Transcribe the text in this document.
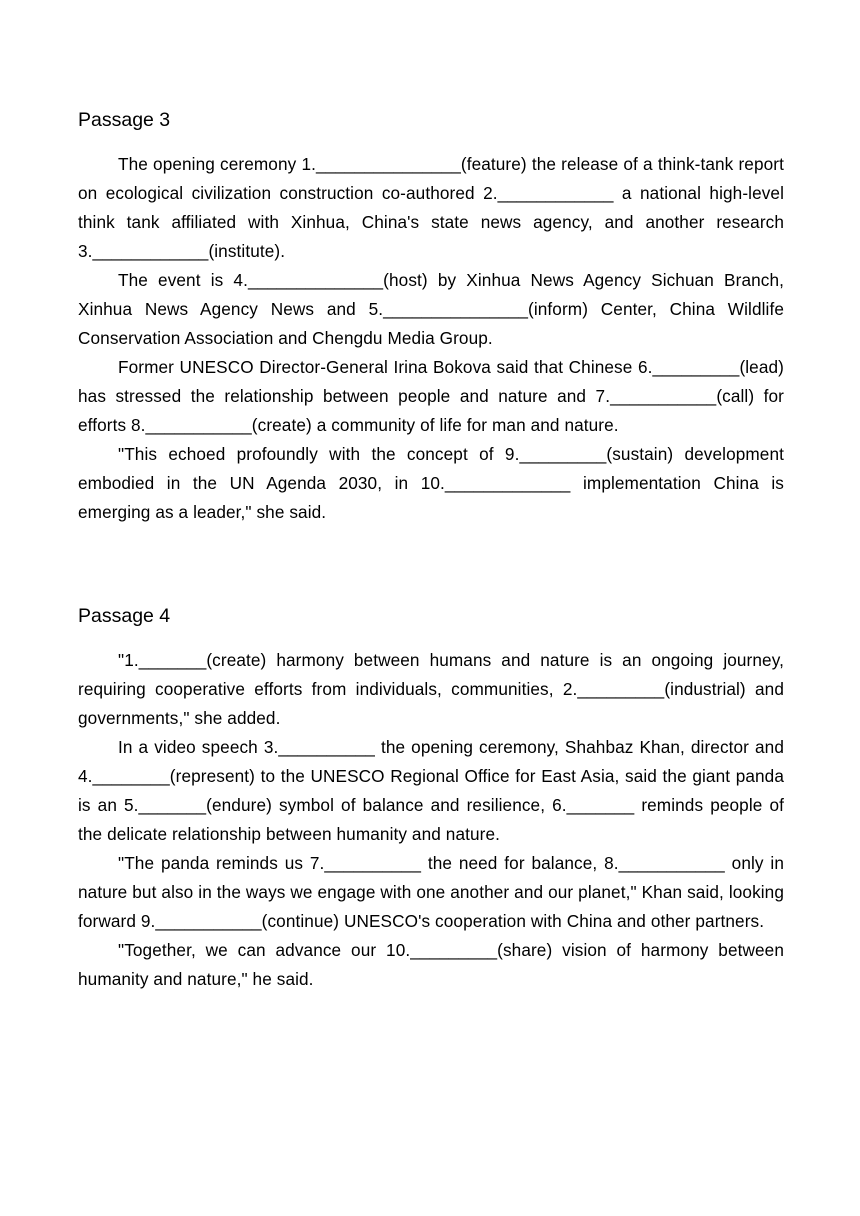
Passage 3

The opening ceremony 1._______________(feature) the release of a think-tank report on ecological civilization construction co-authored 2.____________ a national high-level think tank affiliated with Xinhua, China's state news agency, and another research 3.____________(institute).

The event is 4.______________(host) by Xinhua News Agency Sichuan Branch, Xinhua News Agency News and 5._______________(inform) Center, China Wildlife Conservation Association and Chengdu Media Group.

Former UNESCO Director-General Irina Bokova said that Chinese 6._________(lead) has stressed the relationship between people and nature and 7.___________(call) for efforts 8.___________(create) a community of life for man and nature.

"This echoed profoundly with the concept of 9._________(sustain) development embodied in the UN Agenda 2030, in 10._____________ implementation China is emerging as a leader," she said.

Passage 4

"1._______(create) harmony between humans and nature is an ongoing journey, requiring cooperative efforts from individuals, communities, 2._________(industrial) and governments," she added.

In a video speech 3.__________ the opening ceremony, Shahbaz Khan, director and 4.________(represent) to the UNESCO Regional Office for East Asia, said the giant panda is an 5._______(endure) symbol of balance and resilience, 6._______ reminds people of the delicate relationship between humanity and nature.

"The panda reminds us 7.__________ the need for balance, 8.___________ only in nature but also in the ways we engage with one another and our planet," Khan said, looking forward 9.___________(continue) UNESCO's cooperation with China and other partners.

"Together, we can advance our 10._________(share) vision of harmony between humanity and nature," he said.
